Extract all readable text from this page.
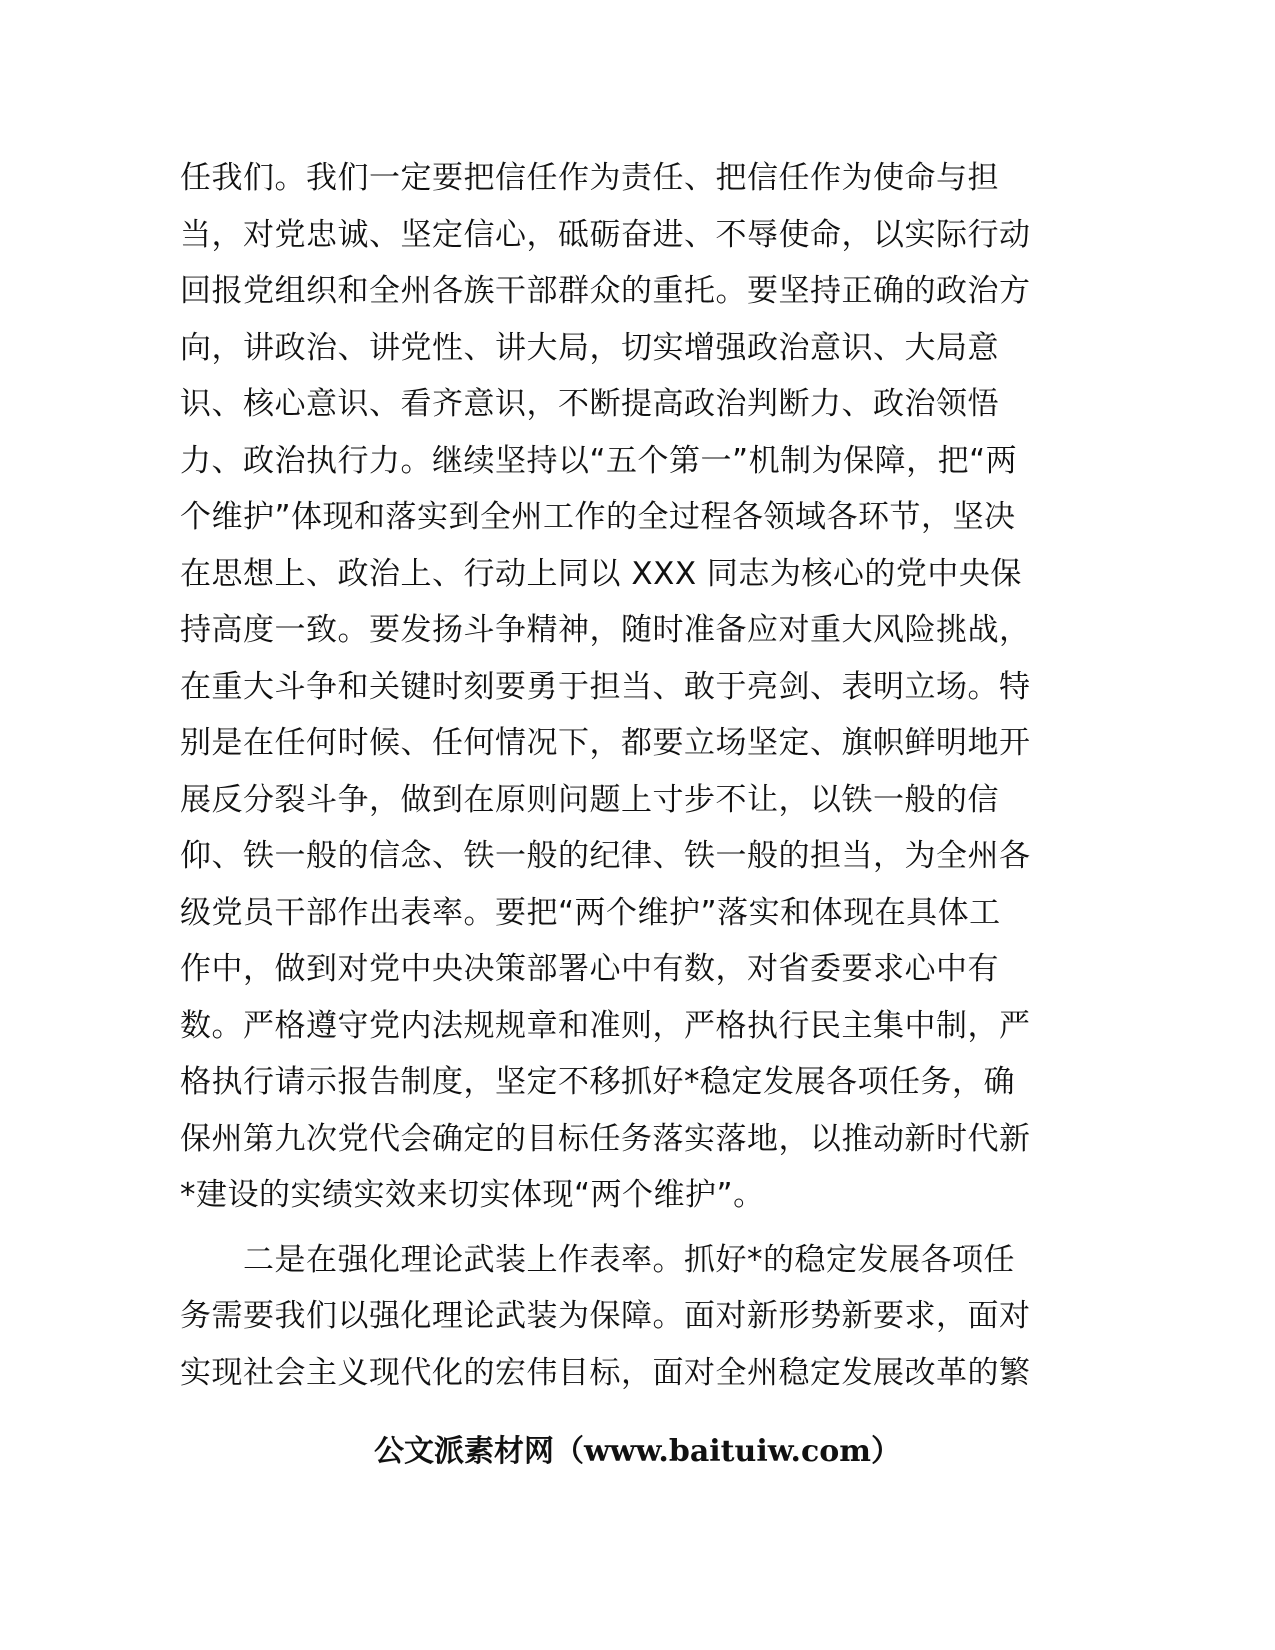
任我们。我们一定要把信任作为责任、把信任作为使命与担
当，对党忠诚、坚定信心，砥砺奋进、不辱使命，以实际行动
回报党组织和全州各族干部群众的重托。要坚持正确的政治方
向，讲政治、讲党性、讲大局，切实增强政治意识、大局意
识、核心意识、看齐意识，不断提高政治判断力、政治领悟
力、政治执行力。继续坚持以“五个第一”机制为保障，把“两
个维护”体现和落实到全州工作的全过程各领域各环节，坚决
在思想上、政治上、行动上同以 XXX 同志为核心的党中央保
持高度一致。要发扬斗争精神，随时准备应对重大风险挑战，
在重大斗争和关键时刻要勇于担当、敢于亮剑、表明立场。特
别是在任何时候、任何情况下，都要立场坚定、旗帜鲜明地开
展反分裂斗争，做到在原则问题上寸步不让，以铁一般的信
仰、铁一般的信念、铁一般的纪律、铁一般的担当，为全州各
级党员干部作出表率。要把“两个维护”落实和体现在具体工
作中，做到对党中央决策部署心中有数，对省委要求心中有
数。严格遵守党内法规规章和准则，严格执行民主集中制，严
格执行请示报告制度，坚定不移抓好*稳定发展各项任务，确
保州第九次党代会确定的目标任务落实落地，以推动新时代新
*建设的实绩实效来切实体现“两个维护”。
　　二是在强化理论武装上作表率。抓好*的稳定发展各项任
务需要我们以强化理论武装为保障。面对新形势新要求，面对
实现社会主义现代化的宏伟目标，面对全州稳定发展改革的繁
公文派素材网（www.baituiw.com）
